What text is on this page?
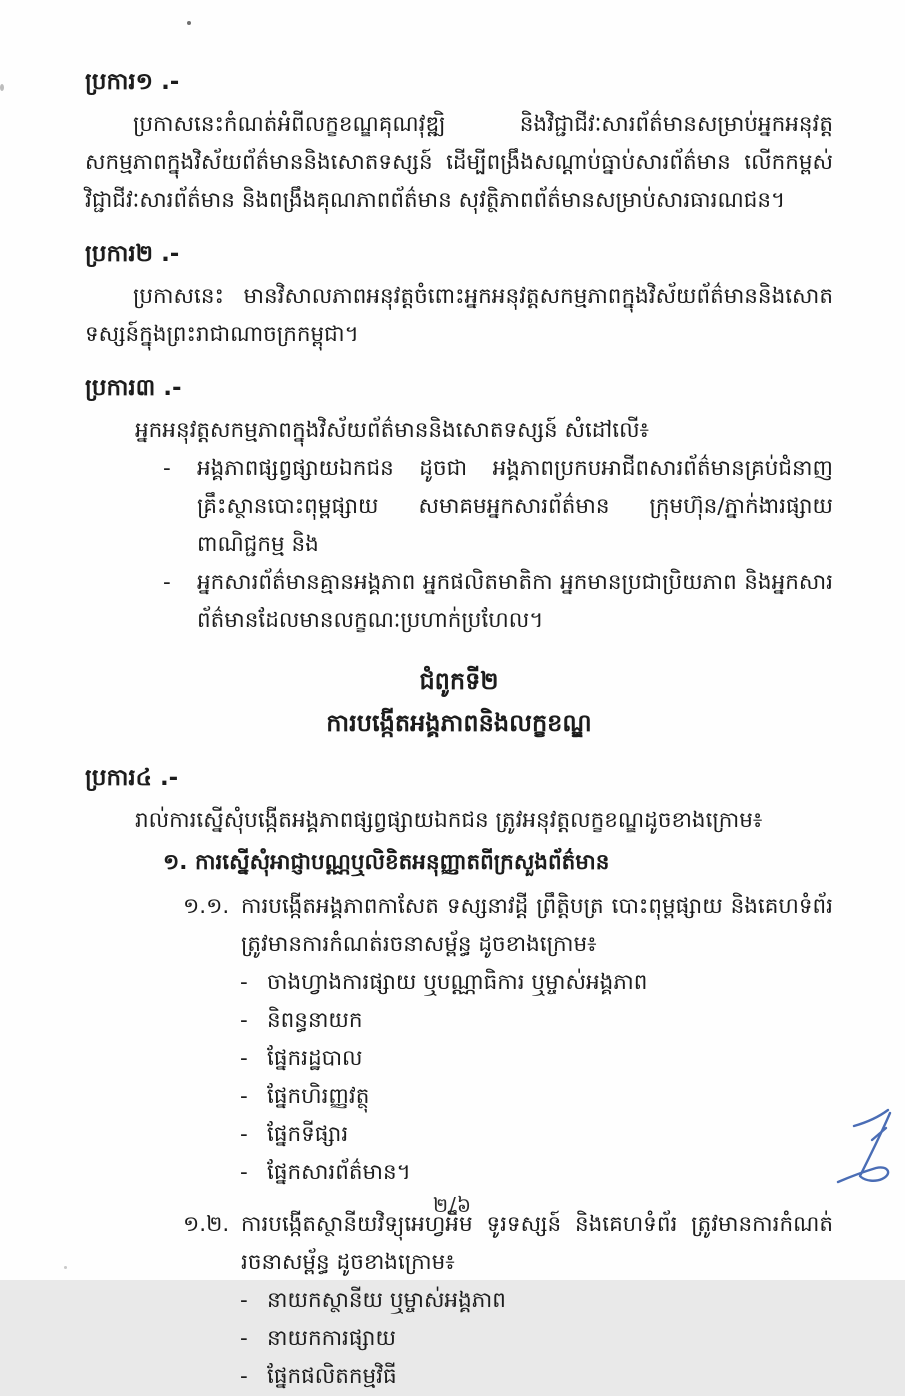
ប្រការ១ .-

ប្រកាសនេះកំណត់អំពីលក្ខខណ្ឌគុណវុឌ្ឍិ និងវិជ្ជាជីវៈសារព័ត៌មានសម្រាប់អ្នកអនុវត្តសកម្មភាពក្នុងវិស័យព័ត៌មាននិងសោតទស្សន៍ ដើម្បីពង្រឹងសណ្ដាប់ធ្នាប់សារព័ត៌មាន លើកកម្ពស់វិជ្ជាជីវៈសារព័ត៌មាន និងពង្រឹងគុណភាពព័ត៌មាន សុវត្ថិភាពព័ត៌មានសម្រាប់សារធារណជន។

ប្រការ២ .-

ប្រកាសនេះ មានវិសាលភាពអនុវត្តចំពោះអ្នកអនុវត្តសកម្មភាពក្នុងវិស័យព័ត៌មាននិងសោតទស្សន៍ក្នុងព្រះរាជាណាចក្រកម្ពុជា។

ប្រការ៣ .-

អ្នកអនុវត្តសកម្មភាពក្នុងវិស័យព័ត៌មាននិងសោតទស្សន៍ សំដៅលើ៖

-	អង្គភាពផ្សព្វផ្សាយឯកជន ដូចជា អង្គភាពប្រកបអាជីពសារព័ត៌មានគ្រប់ជំនាញ គ្រឹះស្ថានបោះពុម្ពផ្សាយ សមាគមអ្នកសារព័ត៌មាន ក្រុមហ៊ុន/ភ្នាក់ងារផ្សាយពាណិជ្ជកម្ម និង
-	អ្នកសារព័ត៌មានគ្មានអង្គភាព អ្នកផលិតមាតិកា អ្នកមានប្រជាប្រិយភាព និងអ្នកសារព័ត៌មានដែលមានលក្ខណៈប្រហាក់ប្រហែល។
ជំពូកទី២
ការបង្កើតអង្គភាពនិងលក្ខខណ្ឌ
ប្រការ៤ .-

រាល់ការស្នើសុំបង្កើតអង្គភាពផ្សព្វផ្សាយឯកជន ត្រូវអនុវត្តលក្ខខណ្ឌដូចខាងក្រោម៖

១. ការស្នើសុំអាជ្ញាបណ្ណឬលិខិតអនុញ្ញាតពីក្រសួងព័ត៌មាន
១.១. ការបង្កើតអង្គភាពកាសែត ទស្សនាវដ្ដី ព្រឹត្តិបត្រ បោះពុម្ពផ្សាយ និងគេហទំព័រត្រូវមានការកំណត់រចនាសម្ព័ន្ធ ដូចខាងក្រោម៖
- ចាងហ្វាងការផ្សាយ ឬបណ្ណាធិការ ឬម្ចាស់អង្គភាព
- និពន្ធនាយក
- ផ្នែករដ្ឋបាល
- ផ្នែកហិរញ្ញវត្ថុ
- ផ្នែកទីផ្សារ
- ផ្នែកសារព័ត៌មាន។
១.២. ការបង្កើតស្ថានីយវិទ្យុអេហ្វអឹម ទូរទស្សន៍ និងគេហទំព័រ ត្រូវមានការកំណត់រចនាសម្ព័ន្ធ ដូចខាងក្រោម៖
- នាយកស្ថានីយ ឬម្ចាស់អង្គភាព
- នាយកការផ្សាយ
- ផ្នែកផលិតកម្មវិធី
២/៦
